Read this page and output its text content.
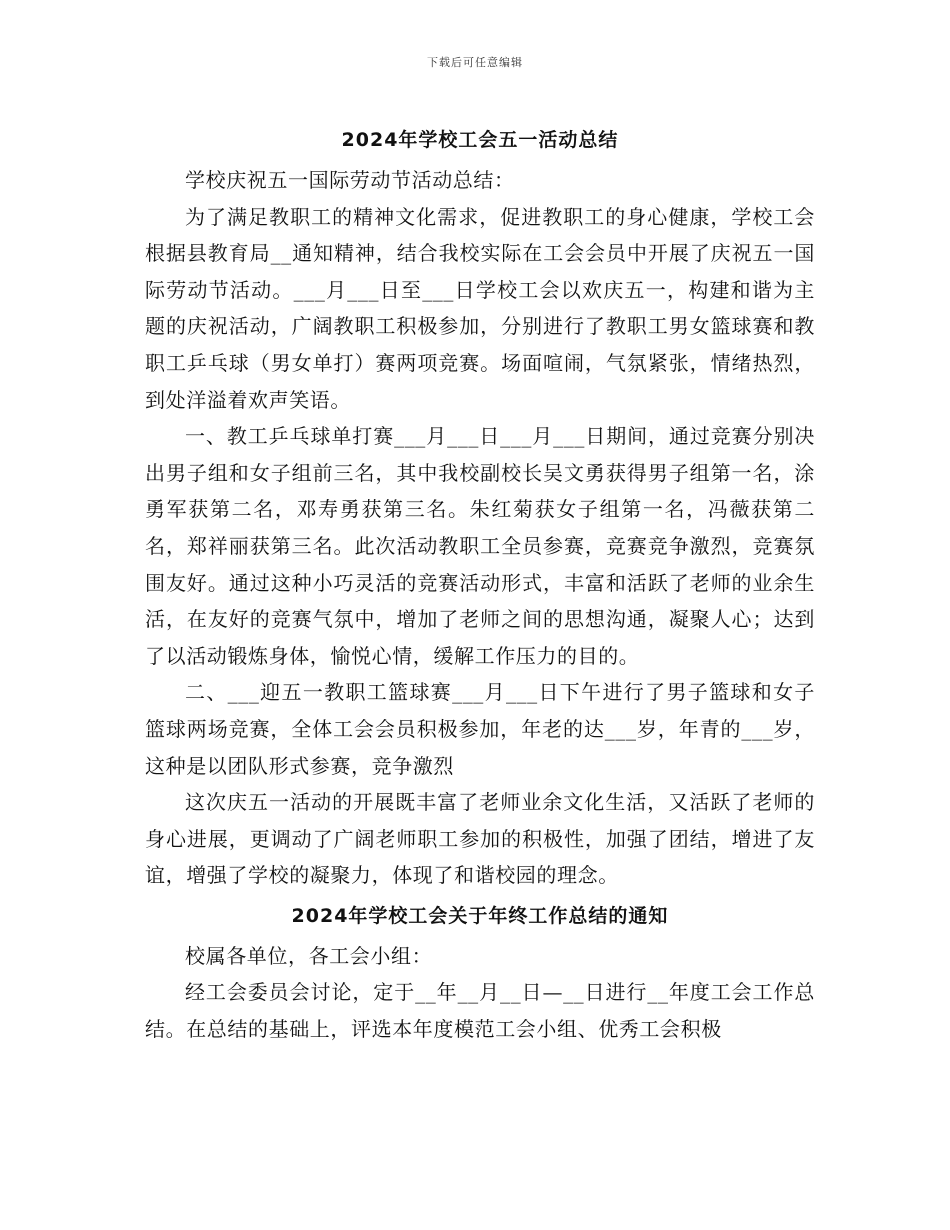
下载后可任意编辑
2024年学校工会五一活动总结

学校庆祝五一国际劳动节活动总结：

为了满足教职工的精神文化需求，促进教职工的身心健康，学校工会根据县教育局__通知精神，结合我校实际在工会会员中开展了庆祝五一国际劳动节活动。___月___日至___日学校工会以欢庆五一，构建和谐为主题的庆祝活动，广阔教职工积极参加，分别进行了教职工男女篮球赛和教职工乒乓球（男女单打）赛两项竞赛。场面喧闹，气氛紧张，情绪热烈，到处洋溢着欢声笑语。

一、教工乒乓球单打赛___月___日___月___日期间，通过竞赛分别决出男子组和女子组前三名，其中我校副校长吴文勇获得男子组第一名，涂勇军获第二名，邓寿勇获第三名。朱红菊获女子组第一名，冯薇获第二名，郑祥丽获第三名。此次活动教职工全员参赛，竞赛竞争激烈，竞赛氛围友好。通过这种小巧灵活的竞赛活动形式，丰富和活跃了老师的业余生活，在友好的竞赛气氛中，增加了老师之间的思想沟通，凝聚人心；达到了以活动锻炼身体，愉悦心情，缓解工作压力的目的。

二、___迎五一教职工篮球赛___月___日下午进行了男子篮球和女子篮球两场竞赛，全体工会会员积极参加，年老的达___岁，年青的___岁，这种是以团队形式参赛，竞争激烈

这次庆五一活动的开展既丰富了老师业余文化生活，又活跃了老师的身心进展，更调动了广阔老师职工参加的积极性，加强了团结，增进了友谊，增强了学校的凝聚力，体现了和谐校园的理念。

2024年学校工会关于年终工作总结的通知

校属各单位，各工会小组：

经工会委员会讨论，定于__年__月__日—__日进行__年度工会工作总结。在总结的基础上，评选本年度模范工会小组、优秀工会积极
